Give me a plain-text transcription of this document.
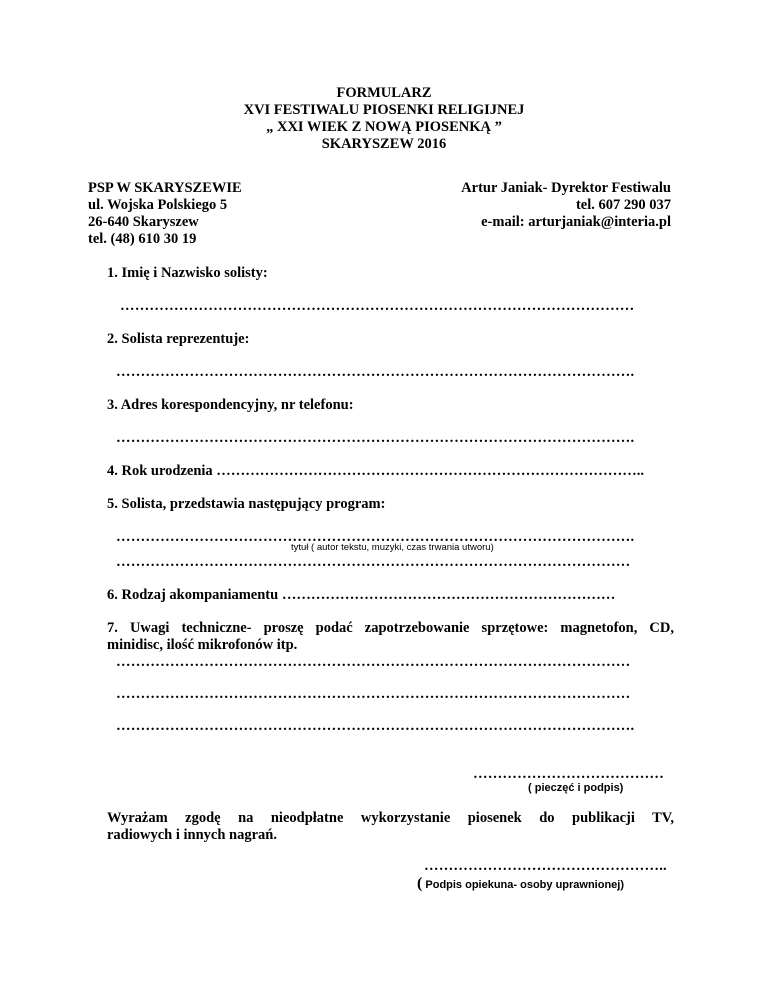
FORMULARZ
XVI FESTIWALU PIOSENKI RELIGIJNEJ
„ XXI WIEK Z NOWĄ PIOSENKĄ ”
SKARYSZEW 2016
PSP W SKARYSZEWIE
ul. Wojska Polskiego 5
26-640 Skaryszew
tel. (48) 610 30 19
Artur Janiak- Dyrektor Festiwalu
tel. 607 290 037
e-mail: arturjaniak@interia.pl
1. Imię i Nazwisko solisty:
……………………………………………………………………………………………
2. Solista reprezentuje:
…………………………………………………………………………………………….
3. Adres korespondencyjny, nr telefonu:
…………………………………………………………………………………………….
4. Rok urodzenia ……………………………………………………………………………..
5. Solista, przedstawia następujący program:
…………………………………………………………………………………………….
tytuł ( autor tekstu, muzyki, czas trwania utworu)
……………………………………………………………………………………………
6. Rodzaj akompaniamentu ……………………………………………………………
7. Uwagi techniczne- proszę podać zapotrzebowanie sprzętowe: magnetofon, CD,
minidisc, ilość mikrofonów itp.
……………………………………………………………………………………………
……………………………………………………………………………………………
…………………………………………………………………………………………….
…………………………………
( pieczęć i podpis)
Wyrażam zgodę na nieodpłatne wykorzystanie piosenek do publikacji TV,
radiowych i innych nagrań.
…………………………………………..
( Podpis opiekuna- osoby uprawnionej)
